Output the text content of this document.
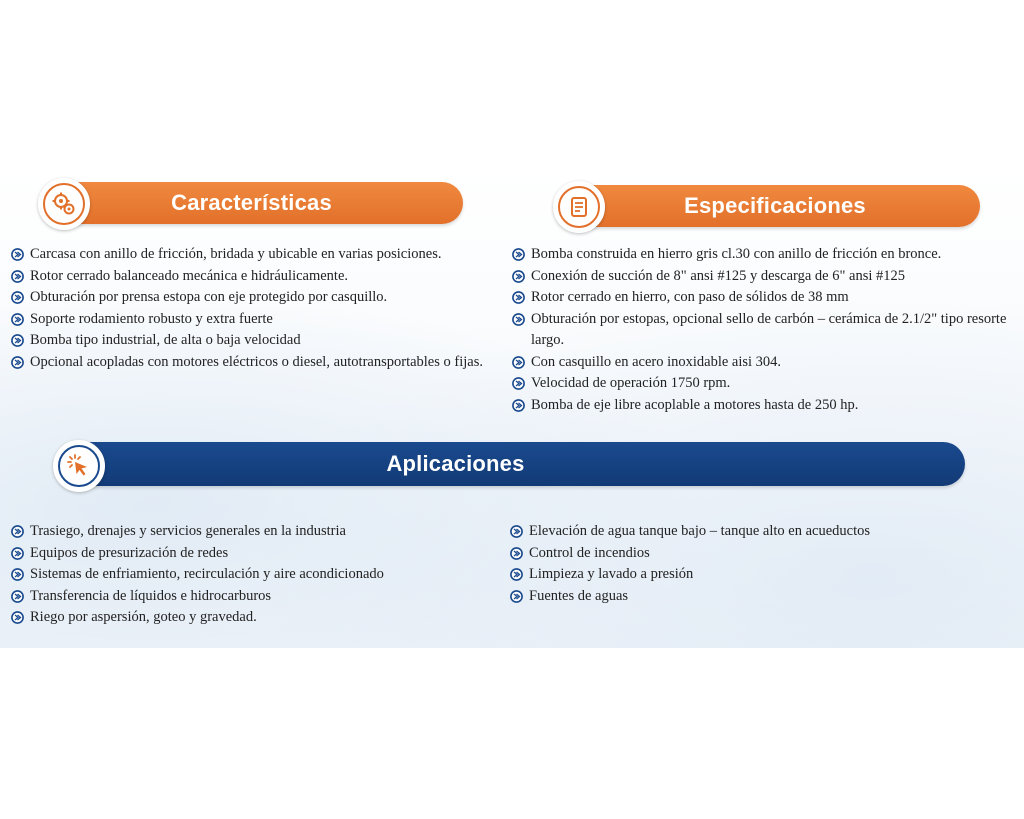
Características	Especificaciones
Carcasa con anillo de fricción, bridada y ubicable en varias posiciones.
Rotor cerrado balanceado mecánica e hidráulicamente.
Obturación por prensa estopa con eje protegido por casquillo.
Soporte rodamiento robusto y extra fuerte
Bomba tipo industrial, de alta o baja velocidad
Opcional acopladas con motores eléctricos o diesel, autotransportables o fijas.
Bomba construida en hierro gris cl.30 con anillo de fricción en bronce.
Conexión de succión de 8" ansi #125 y descarga de 6" ansi #125
Rotor cerrado en hierro, con paso de sólidos de 38 mm
Obturación por estopas, opcional sello de carbón – cerámica de 2.1/2" tipo resorte largo.
Con casquillo en acero inoxidable aisi 304.
Velocidad de operación 1750 rpm.
Bomba de eje libre acoplable a motores hasta de 250 hp.
Aplicaciones
Trasiego, drenajes y servicios generales en la industria
Equipos de presurización de redes
Sistemas de enfriamiento, recirculación y aire acondicionado
Transferencia de líquidos e hidrocarburos
Riego por aspersión, goteo y gravedad.
Elevación de agua tanque bajo – tanque alto en acueductos
Control de incendios
Limpieza y lavado a presión
Fuentes de aguas
